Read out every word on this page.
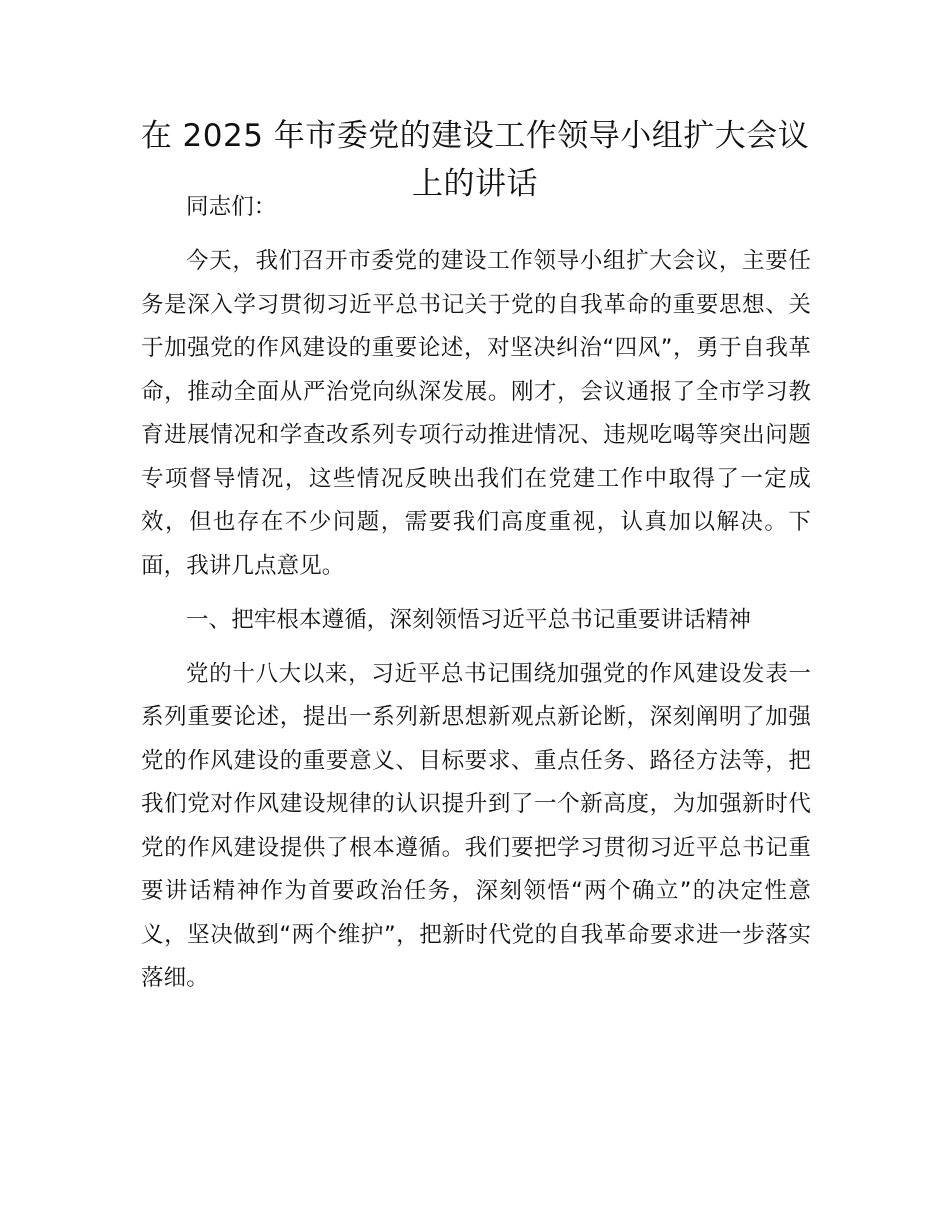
在 2025 年市委党的建设工作领导小组扩大会议上的讲话

同志们：

今天，我们召开市委党的建设工作领导小组扩大会议，主要任务是深入学习贯彻习近平总书记关于党的自我革命的重要思想、关于加强党的作风建设的重要论述，对坚决纠治“四风”，勇于自我革命，推动全面从严治党向纵深发展。刚才，会议通报了全市学习教育进展情况和学查改系列专项行动推进情况、违规吃喝等突出问题专项督导情况，这些情况反映出我们在党建工作中取得了一定成效，但也存在不少问题，需要我们高度重视，认真加以解决。下面，我讲几点意见。

一、把牢根本遵循，深刻领悟习近平总书记重要讲话精神

党的十八大以来，习近平总书记围绕加强党的作风建设发表一系列重要论述，提出一系列新思想新观点新论断，深刻阐明了加强党的作风建设的重要意义、目标要求、重点任务、路径方法等，把我们党对作风建设规律的认识提升到了一个新高度，为加强新时代党的作风建设提供了根本遵循。我们要把学习贯彻习近平总书记重要讲话精神作为首要政治任务，深刻领悟“两个确立”的决定性意义，坚决做到“两个维护”，把新时代党的自我革命要求进一步落实落细。
